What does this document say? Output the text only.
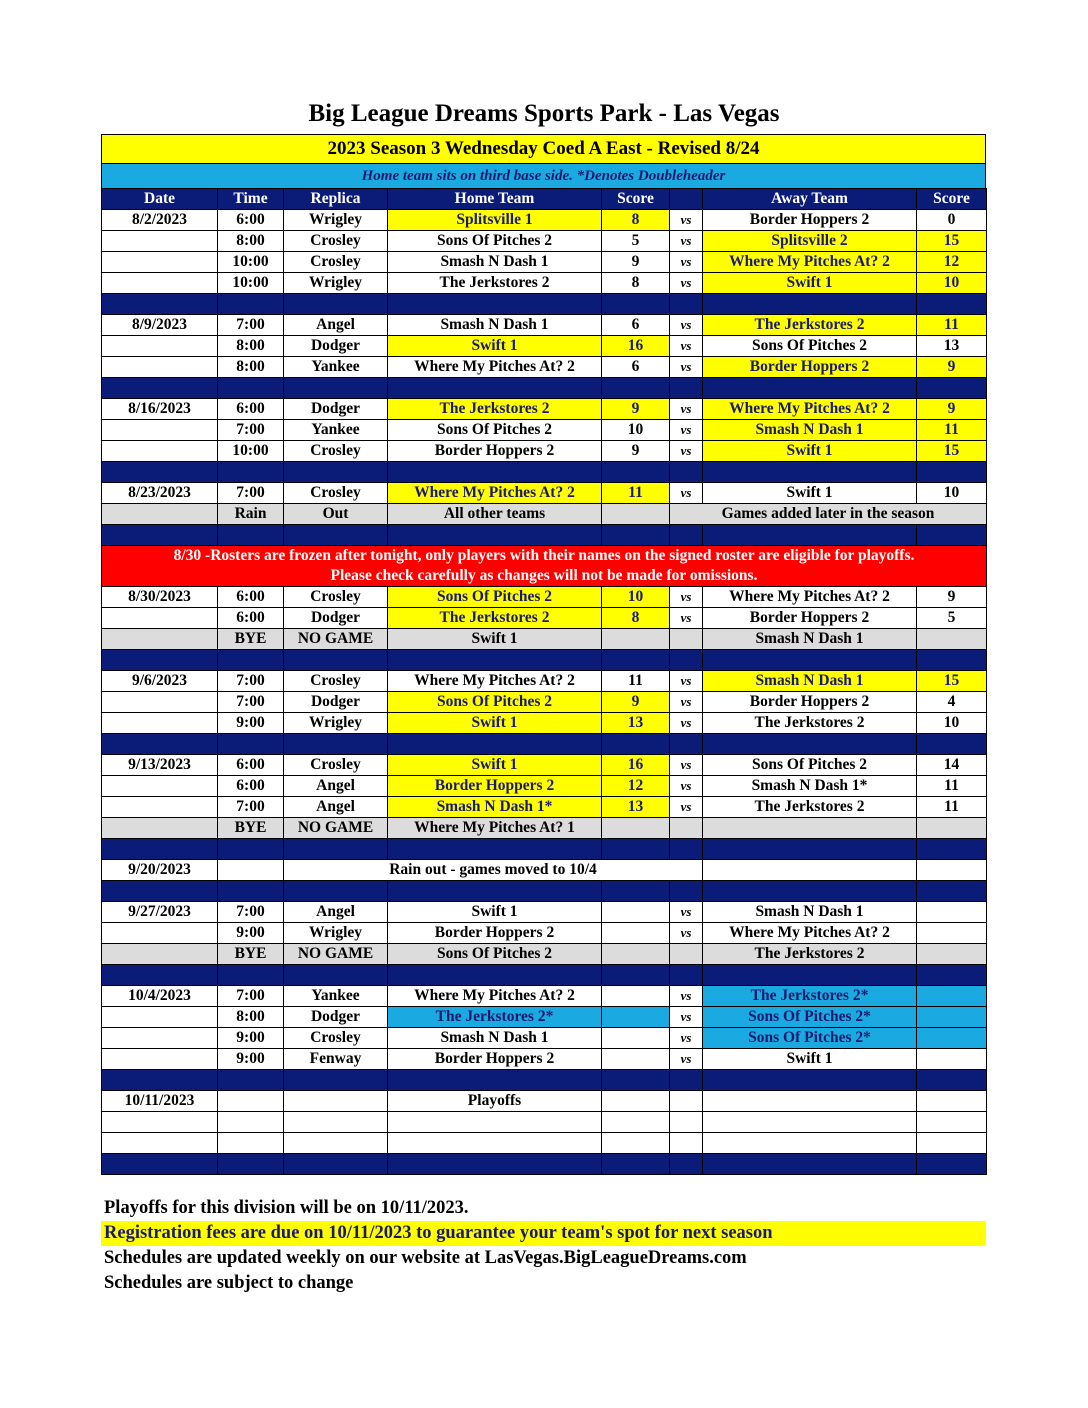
Big League Dreams Sports Park - Las Vegas
2023 Season 3 Wednesday Coed A East - Revised 8/24
Home team sits on third base side. *Denotes Doubleheader
Date	Time	Replica	Home Team	Score		Away Team	Score
8/2/2023	6:00	Wrigley	Splitsville 1	8	vs	Border Hoppers 2	0
	8:00	Crosley	Sons Of Pitches 2	5	vs	Splitsville 2	15
	10:00	Crosley	Smash N Dash 1	9	vs	Where My Pitches At? 2	12
	10:00	Wrigley	The Jerkstores 2	8	vs	Swift 1	10

8/9/2023	7:00	Angel	Smash N Dash 1	6	vs	The Jerkstores 2	11
	8:00	Dodger	Swift 1	16	vs	Sons Of Pitches 2	13
	8:00	Yankee	Where My Pitches At? 2	6	vs	Border Hoppers 2	9

8/16/2023	6:00	Dodger	The Jerkstores 2	9	vs	Where My Pitches At? 2	9
	7:00	Yankee	Sons Of Pitches 2	10	vs	Smash N Dash 1	11
	10:00	Crosley	Border Hoppers 2	9	vs	Swift 1	15

8/23/2023	7:00	Crosley	Where My Pitches At? 2	11	vs	Swift 1	10
	Rain	Out	All other teams		Games added later in the season		

8/30 -Rosters are frozen after tonight, only players with their names on the signed roster are eligible for playoffs.
Please check carefully as changes will not be made for omissions.							

8/30/2023	6:00	Crosley	Sons Of Pitches 2	10	vs	Where My Pitches At? 2	9
	6:00	Dodger	The Jerkstores 2	8	vs	Border Hoppers 2	5
	BYE	NO GAME	Swift 1			Smash N Dash 1	

9/6/2023	7:00	Crosley	Where My Pitches At? 2	11	vs	Smash N Dash 1	15
	7:00	Dodger	Sons Of Pitches 2	9	vs	Border Hoppers 2	4
	9:00	Wrigley	Swift 1	13	vs	The Jerkstores 2	10

9/13/2023	6:00	Crosley	Swift 1	16	vs	Sons Of Pitches 2	14
	6:00	Angel	Border Hoppers 2	12	vs	Smash N Dash 1*	11
	7:00	Angel	Smash N Dash 1*	13	vs	The Jerkstores 2	11
	BYE	NO GAME	Where My Pitches At? 1				

9/20/2023		Rain out - games moved to 10/4					

9/27/2023	7:00	Angel	Swift 1		vs	Smash N Dash 1	
	9:00	Wrigley	Border Hoppers 2		vs	Where My Pitches At? 2	
	BYE	NO GAME	Sons Of Pitches 2			The Jerkstores 2	

10/4/2023	7:00	Yankee	Where My Pitches At? 2		vs	The Jerkstores 2*	
	8:00	Dodger	The Jerkstores 2*		vs	Sons Of Pitches 2*	
	9:00	Crosley	Smash N Dash 1		vs	Sons Of Pitches 2*	
	9:00	Fenway	Border Hoppers 2		vs	Swift 1	

10/11/2023			Playoffs				

Playoffs for this division will be on 10/11/2023.
Registration fees are due on 10/11/2023 to guarantee your team's spot for next season
Schedules are updated weekly on our website at LasVegas.BigLeagueDreams.com
Schedules are subject to change
